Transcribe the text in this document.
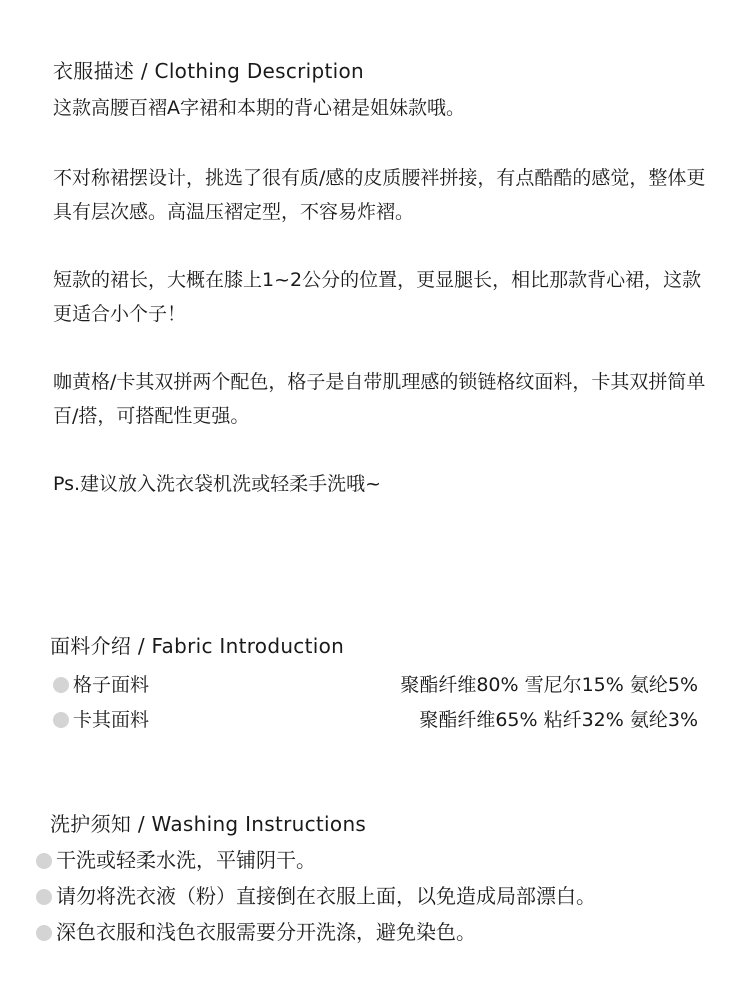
衣服描述 / Clothing Description
这款高腰百褶A字裙和本期的背心裙是姐妹款哦。
不对称裙摆设计，挑选了很有质/感的皮质腰袢拼接，有点酷酷的感觉，整体更具有层次感。高温压褶定型，不容易炸褶。
短款的裙长，大概在膝上1~2公分的位置，更显腿长，相比那款背心裙，这款更适合小个子！
咖黄格/卡其双拼两个配色，格子是自带肌理感的锁链格纹面料，卡其双拼简单百/搭，可搭配性更强。
Ps.建议放入洗衣袋机洗或轻柔手洗哦~
面料介绍 / Fabric Introduction
格子面料	聚酯纤维80% 雪尼尔15% 氨纶5%
卡其面料	聚酯纤维65% 粘纤32% 氨纶3%
洗护须知 / Washing Instructions
干洗或轻柔水洗，平铺阴干。
请勿将洗衣液（粉）直接倒在衣服上面，以免造成局部漂白。
深色衣服和浅色衣服需要分开洗涤，避免染色。
